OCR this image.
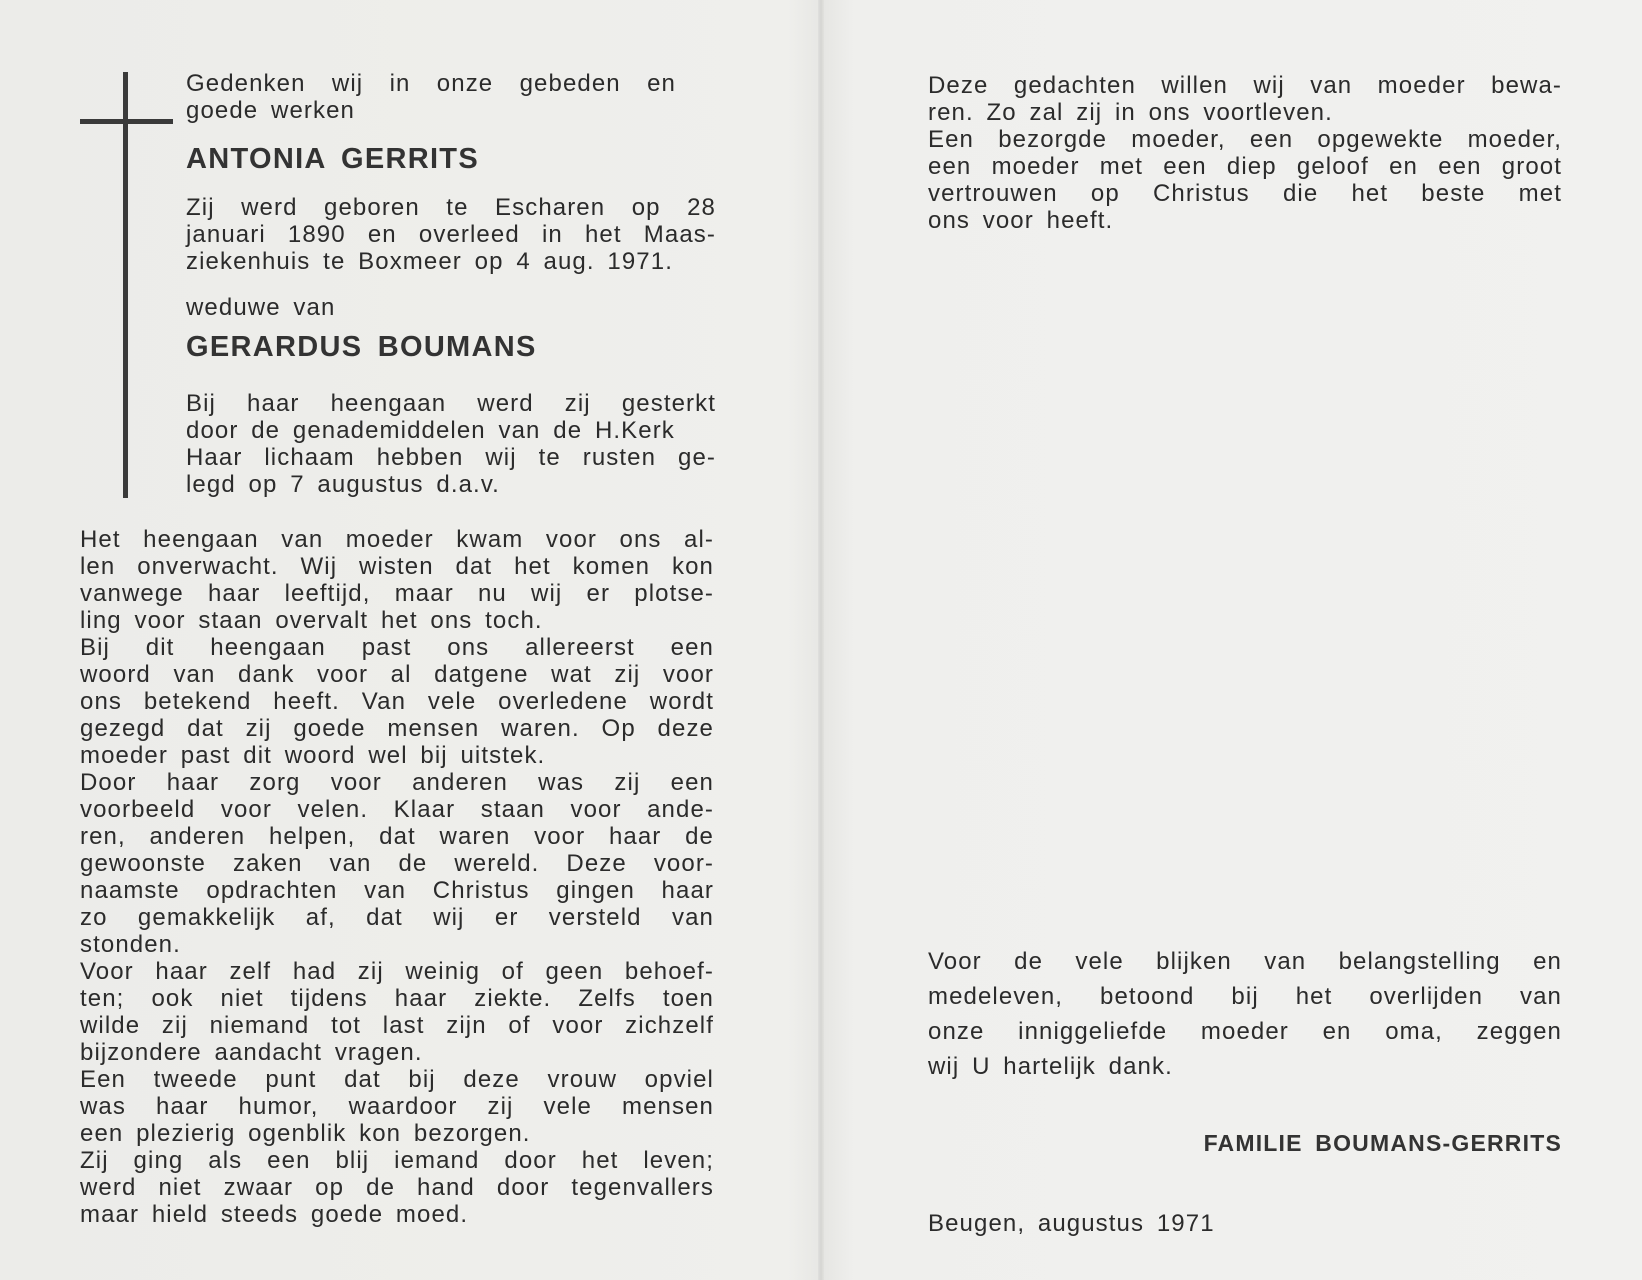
Gedenken wij in onze gebeden en

goede werken

ANTONIA GERRITS

Zij werd geboren te Escharen op 28

januari 1890 en overleed in het Maas-

ziekenhuis te Boxmeer op 4 aug. 1971.

weduwe van
GERARDUS BOUMANS

Bij haar heengaan werd zij gesterkt

door de genademiddelen van de H.Kerk

Haar lichaam hebben wij te rusten ge-

legd op 7 augustus d.a.v.

Het heengaan van moeder kwam voor ons al-

len onverwacht. Wij wisten dat het komen kon

vanwege haar leeftijd, maar nu wij er plotse-

ling voor staan overvalt het ons toch.

Bij dit heengaan past ons allereerst een

woord van dank voor al datgene wat zij voor

ons betekend heeft. Van vele overledene wordt

gezegd dat zij goede mensen waren. Op deze

moeder past dit woord wel bij uitstek.

Door haar zorg voor anderen was zij een

voorbeeld voor velen. Klaar staan voor ande-

ren, anderen helpen, dat waren voor haar de

gewoonste zaken van de wereld. Deze voor-

naamste opdrachten van Christus gingen haar

zo gemakkelijk af, dat wij er versteld van

stonden.

Voor haar zelf had zij weinig of geen behoef-

ten; ook niet tijdens haar ziekte. Zelfs toen

wilde zij niemand tot last zijn of voor zichzelf

bijzondere aandacht vragen.

Een tweede punt dat bij deze vrouw opviel

was haar humor, waardoor zij vele mensen

een plezierig ogenblik kon bezorgen.

Zij ging als een blij iemand door het leven;

werd niet zwaar op de hand door tegenvallers

maar hield steeds goede moed.

Deze gedachten willen wij van moeder bewa-

ren. Zo zal zij in ons voortleven.

Een bezorgde moeder, een opgewekte moeder,

een moeder met een diep geloof en een groot

vertrouwen op Christus die het beste met

ons voor heeft.

Voor de vele blijken van belangstelling en

medeleven, betoond bij het overlijden van

onze inniggeliefde moeder en oma, zeggen

wij U hartelijk dank.

FAMILIE BOUMANS-GERRITS
Beugen, augustus 1971
